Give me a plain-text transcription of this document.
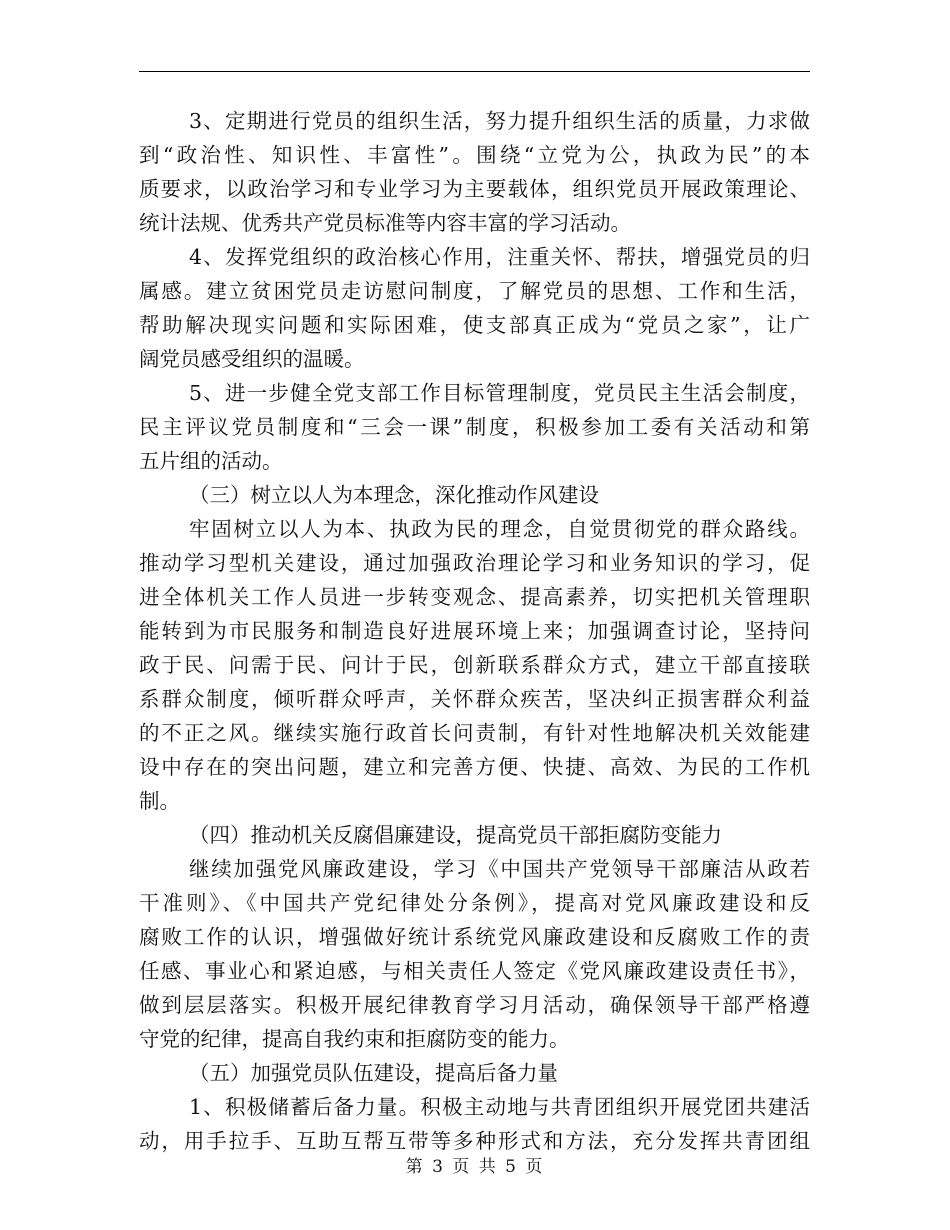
3、定期进行党员的组织生活，努力提升组织生活的质量，力求做
到“政治性、知识性、丰富性”。围绕“立党为公，执政为民”的本
质要求，以政治学习和专业学习为主要载体，组织党员开展政策理论、
统计法规、优秀共产党员标准等内容丰富的学习活动。
4、发挥党组织的政治核心作用，注重关怀、帮扶，增强党员的归
属感。建立贫困党员走访慰问制度，了解党员的思想、工作和生活，
帮助解决现实问题和实际困难，使支部真正成为“党员之家”，让广
阔党员感受组织的温暖。
5、进一步健全党支部工作目标管理制度，党员民主生活会制度，
民主评议党员制度和“三会一课”制度，积极参加工委有关活动和第
五片组的活动。
（三）树立以人为本理念，深化推动作风建设
牢固树立以人为本、执政为民的理念，自觉贯彻党的群众路线。
推动学习型机关建设，通过加强政治理论学习和业务知识的学习，促
进全体机关工作人员进一步转变观念、提高素养，切实把机关管理职
能转到为市民服务和制造良好进展环境上来；加强调查讨论，坚持问
政于民、问需于民、问计于民，创新联系群众方式，建立干部直接联
系群众制度，倾听群众呼声，关怀群众疾苦，坚决纠正损害群众利益
的不正之风。继续实施行政首长问责制，有针对性地解决机关效能建
设中存在的突出问题，建立和完善方便、快捷、高效、为民的工作机
制。
（四）推动机关反腐倡廉建设，提高党员干部拒腐防变能力
继续加强党风廉政建设，学习《中国共产党领导干部廉洁从政若
干准则》、《中国共产党纪律处分条例》，提高对党风廉政建设和反
腐败工作的认识，增强做好统计系统党风廉政建设和反腐败工作的责
任感、事业心和紧迫感，与相关责任人签定《党风廉政建设责任书》，
做到层层落实。积极开展纪律教育学习月活动，确保领导干部严格遵
守党的纪律，提高自我约束和拒腐防变的能力。
（五）加强党员队伍建设，提高后备力量
1、积极储蓄后备力量。积极主动地与共青团组织开展党团共建活
动，用手拉手、互助互帮互带等多种形式和方法，充分发挥共青团组
第 3 页 共 5 页
